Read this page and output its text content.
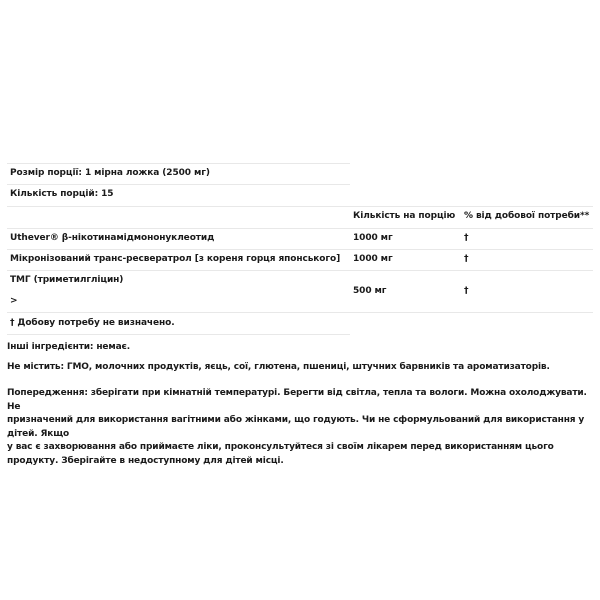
Розмір порції: 1 мірна ложка (2500 мг)
Кількість порцій: 15
Кількість на порцію % від добової потреби**
Uthever® β-нікотинамідмононуклеотид	1000 мг	†
Мікронізований транс-ресвератрол [з кореня горця японського] 1000 мг	†
ТМГ (триметилгліцин)
>
500 мг	†
† Добову потребу не визначено.
Інші інгредієнти: немає.
Не містить: ГМО, молочних продуктів, яєць, сої, глютена, пшениці, штучних барвників та ароматизаторів.
Попередження: зберігати при кімнатній температурі. Берегти від світла, тепла та вологи. Можна охолоджувати. Не
призначений для використання вагітними або жінками, що годують. Чи не сформульований для використання у дітей. Якщо
у вас є захворювання або приймаєте ліки, проконсультуйтеся зі своїм лікарем перед використанням цього
продукту. Зберігайте в недоступному для дітей місці.
